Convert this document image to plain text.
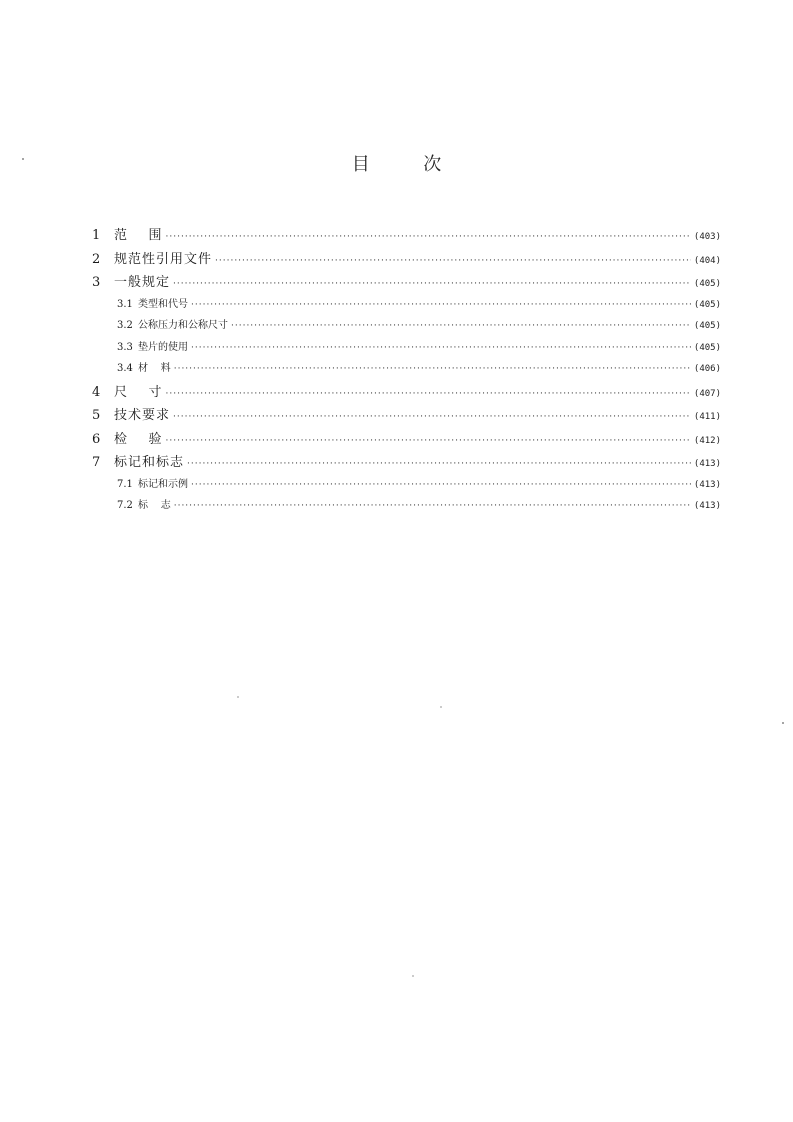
目	次
1	范    围 ·····	(403)
2	规范性引用文件 ·····	(404)
3	一般规定 ·····	(405)
3.1 类型和代号 ·····	(405)
3.2 公称压力和公称尺寸 ·····	(405)
3.3 垫片的使用 ·····	(405)
3.4 材    料 ·····	(406)
4	尺    寸 ·····	(407)
5	技术要求 ·····	(411)
6	检    验 ·····	(412)
7	标记和标志 ·····	(413)
7.1 标记和示例 ·····	(413)
7.2 标    志 ·····	(413)
